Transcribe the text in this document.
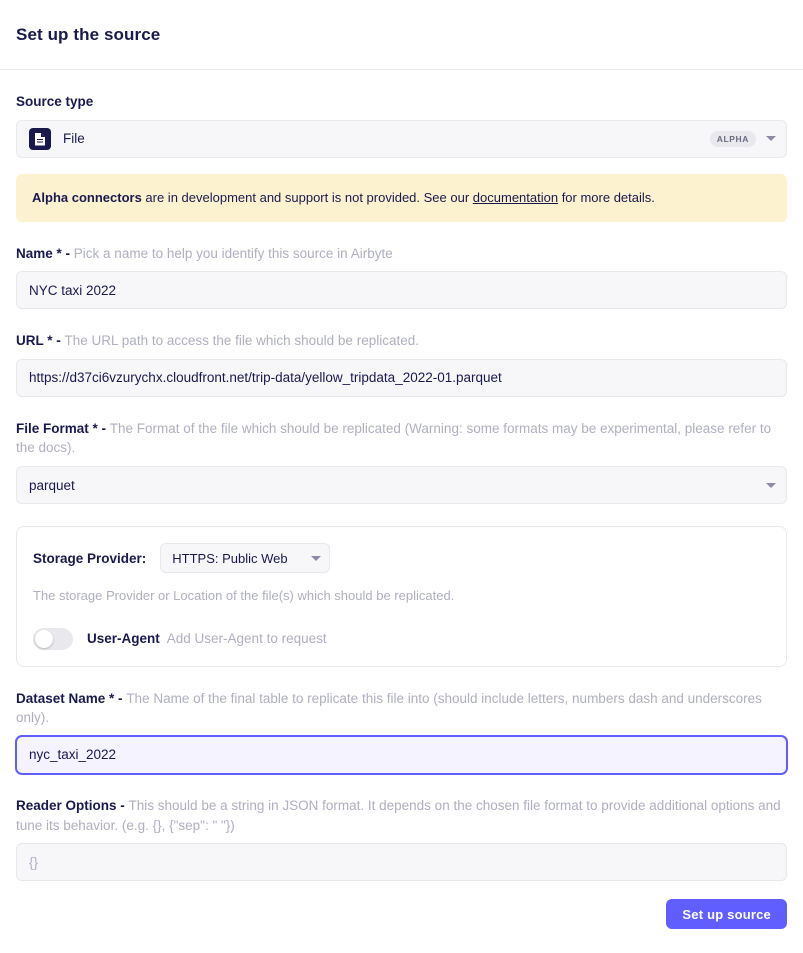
Set up the source
Source type
File	ALPHA
Alpha connectors are in development and support is not provided. See our documentation for more details.
Name * - Pick a name to help you identify this source in Airbyte
NYC taxi 2022
URL * - The URL path to access the file which should be replicated.
https://d37ci6vzurychx.cloudfront.net/trip-data/yellow_tripdata_2022-01.parquet
File Format * - The Format of the file which should be replicated (Warning: some formats may be experimental, please refer to the docs).
parquet
Storage Provider: HTTPS: Public Web
The storage Provider or Location of the file(s) which should be replicated.
User-Agent Add User-Agent to request
Dataset Name * - The Name of the final table to replicate this file into (should include letters, numbers dash and underscores only).
nyc_taxi_2022
Reader Options - This should be a string in JSON format. It depends on the chosen file format to provide additional options and tune its behavior. (e.g. {}, {"sep": " "})
{}
Set up source
